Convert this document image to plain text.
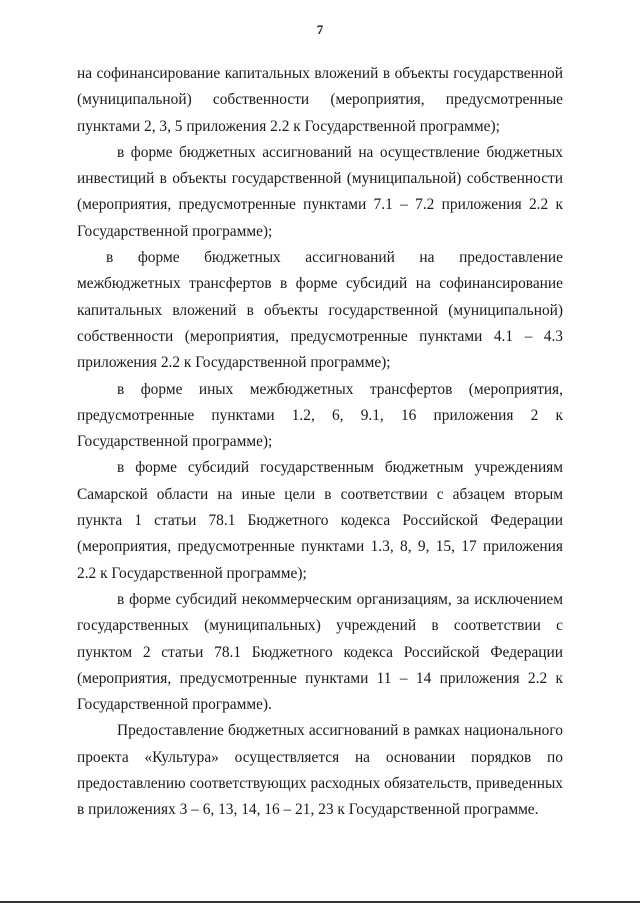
7

на софинансирование капитальных вложений в объекты государственной (муниципальной) собственности (мероприятия, предусмотренные пунктами 2, 3, 5 приложения 2.2 к Государственной программе);

в форме бюджетных ассигнований на осуществление бюджетных инвестиций в объекты государственной (муниципальной) собственности (мероприятия, предусмотренные пунктами 7.1 – 7.2 приложения 2.2 к Государственной программе);

в форме бюджетных ассигнований на предоставление межбюджетных трансфертов в форме субсидий на софинансирование капитальных вложений в объекты государственной (муниципальной) собственности (мероприятия, предусмотренные пунктами 4.1 – 4.3 приложения 2.2 к Государственной программе);

в форме иных межбюджетных трансфертов (мероприятия, предусмотренные пунктами 1.2, 6, 9.1, 16 приложения 2 к Государственной программе);

в форме субсидий государственным бюджетным учреждениям Самарской области на иные цели в соответствии с абзацем вторым пункта 1 статьи 78.1 Бюджетного кодекса Российской Федерации (мероприятия, предусмотренные пунктами 1.3, 8, 9, 15, 17 приложения 2.2 к Государственной программе);

в форме субсидий некоммерческим организациям, за исключением государственных (муниципальных) учреждений в соответствии с пунктом 2 статьи 78.1 Бюджетного кодекса Российской Федерации (мероприятия, предусмотренные пунктами 11 – 14 приложения 2.2 к Государственной программе).

Предоставление бюджетных ассигнований в рамках национального проекта «Культура» осуществляется на основании порядков по предоставлению соответствующих расходных обязательств, приведенных в приложениях 3 – 6, 13, 14, 16 – 21, 23 к Государственной программе.
